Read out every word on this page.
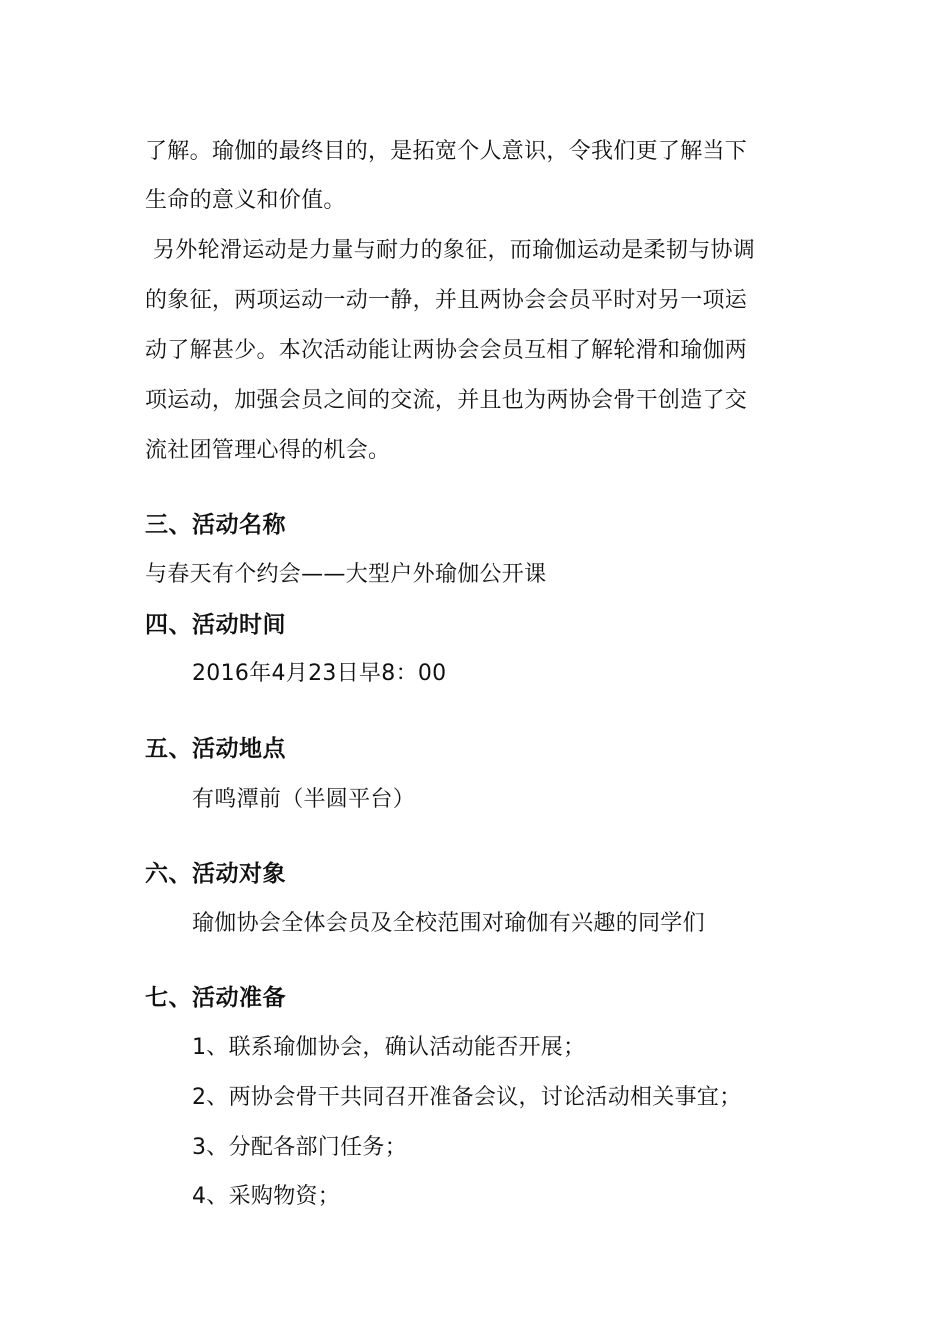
了解。瑜伽的最终目的，是拓宽个人意识，令我们更了解当下
生命的意义和价值。
另外轮滑运动是力量与耐力的象征，而瑜伽运动是柔韧与协调
的象征，两项运动一动一静，并且两协会会员平时对另一项运
动了解甚少。本次活动能让两协会会员互相了解轮滑和瑜伽两
项运动，加强会员之间的交流，并且也为两协会骨干创造了交
流社团管理心得的机会。
三、活动名称
与春天有个约会——大型户外瑜伽公开课
四、活动时间
2016年4月23日早8：00
五、活动地点
有鸣潭前（半圆平台）
六、活动对象
瑜伽协会全体会员及全校范围对瑜伽有兴趣的同学们
七、活动准备
1、联系瑜伽协会，确认活动能否开展；
2、两协会骨干共同召开准备会议，讨论活动相关事宜；
3、分配各部门任务；
4、采购物资；
